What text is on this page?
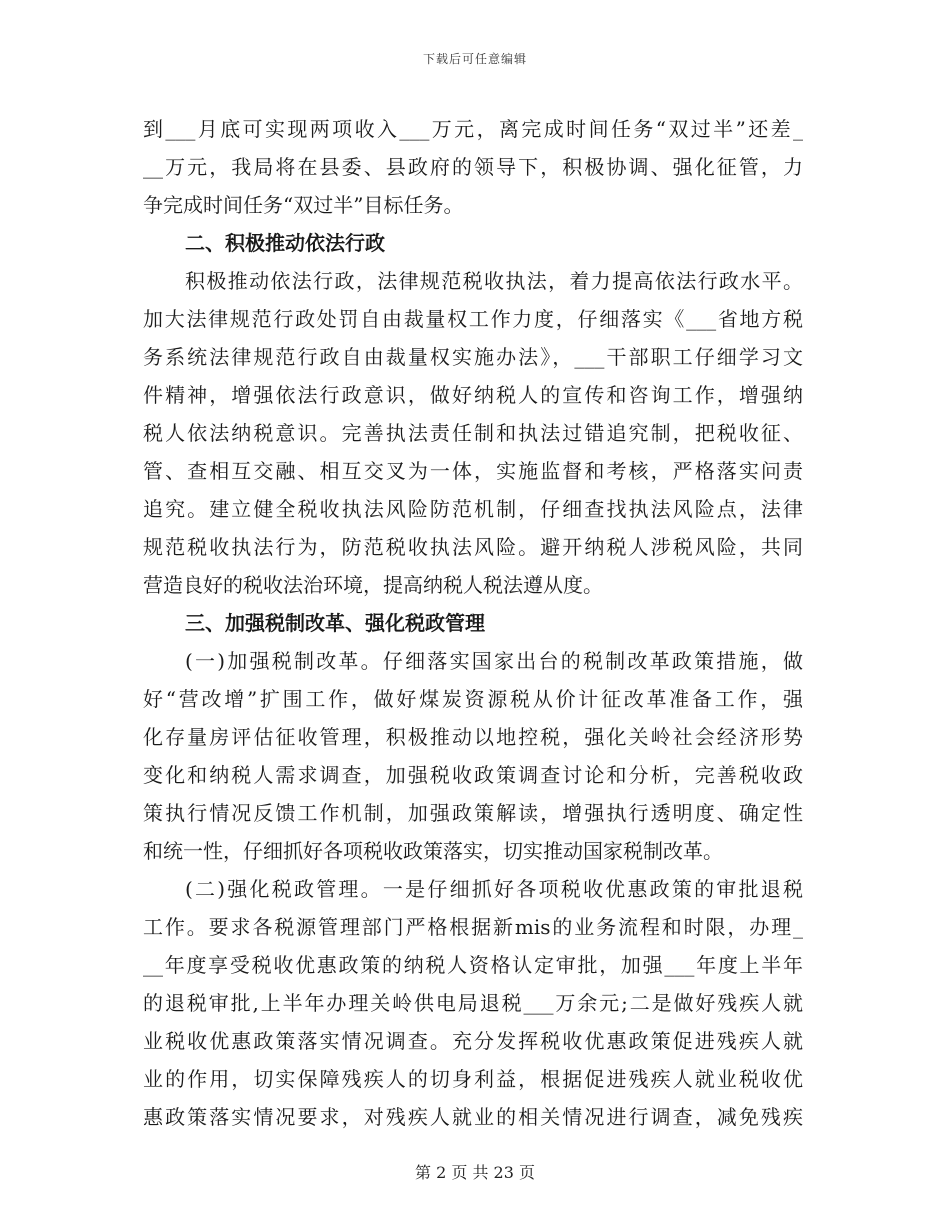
下载后可任意编辑
到___月底可实现两项收入___万元，离完成时间任务“双过半”还差_
__万元，我局将在县委、县政府的领导下，积极协调、强化征管，力
争完成时间任务“双过半”目标任务。
二、积极推动依法行政
积极推动依法行政，法律规范税收执法，着力提高依法行政水平。
加大法律规范行政处罚自由裁量权工作力度，仔细落实《___省地方税
务系统法律规范行政自由裁量权实施办法》，___干部职工仔细学习文
件精神，增强依法行政意识，做好纳税人的宣传和咨询工作，增强纳
税人依法纳税意识。完善执法责任制和执法过错追究制，把税收征、
管、查相互交融、相互交叉为一体，实施监督和考核，严格落实问责
追究。建立健全税收执法风险防范机制，仔细查找执法风险点，法律
规范税收执法行为，防范税收执法风险。避开纳税人涉税风险，共同
营造良好的税收法治环境，提高纳税人税法遵从度。
三、加强税制改革、强化税政管理
(一)加强税制改革。仔细落实国家出台的税制改革政策措施，做
好“营改增”扩围工作，做好煤炭资源税从价计征改革准备工作，强
化存量房评估征收管理，积极推动以地控税，强化关岭社会经济形势
变化和纳税人需求调查，加强税收政策调查讨论和分析，完善税收政
策执行情况反馈工作机制，加强政策解读，增强执行透明度、确定性
和统一性，仔细抓好各项税收政策落实，切实推动国家税制改革。
(二)强化税政管理。一是仔细抓好各项税收优惠政策的审批退税
工作。要求各税源管理部门严格根据新mis的业务流程和时限，办理_
__年度享受税收优惠政策的纳税人资格认定审批，加强___年度上半年
的退税审批,上半年办理关岭供电局退税___万余元;二是做好残疾人就
业税收优惠政策落实情况调查。充分发挥税收优惠政策促进残疾人就
业的作用，切实保障残疾人的切身利益，根据促进残疾人就业税收优
惠政策落实情况要求，对残疾人就业的相关情况进行调查，减免残疾
第 2 页 共 23 页
